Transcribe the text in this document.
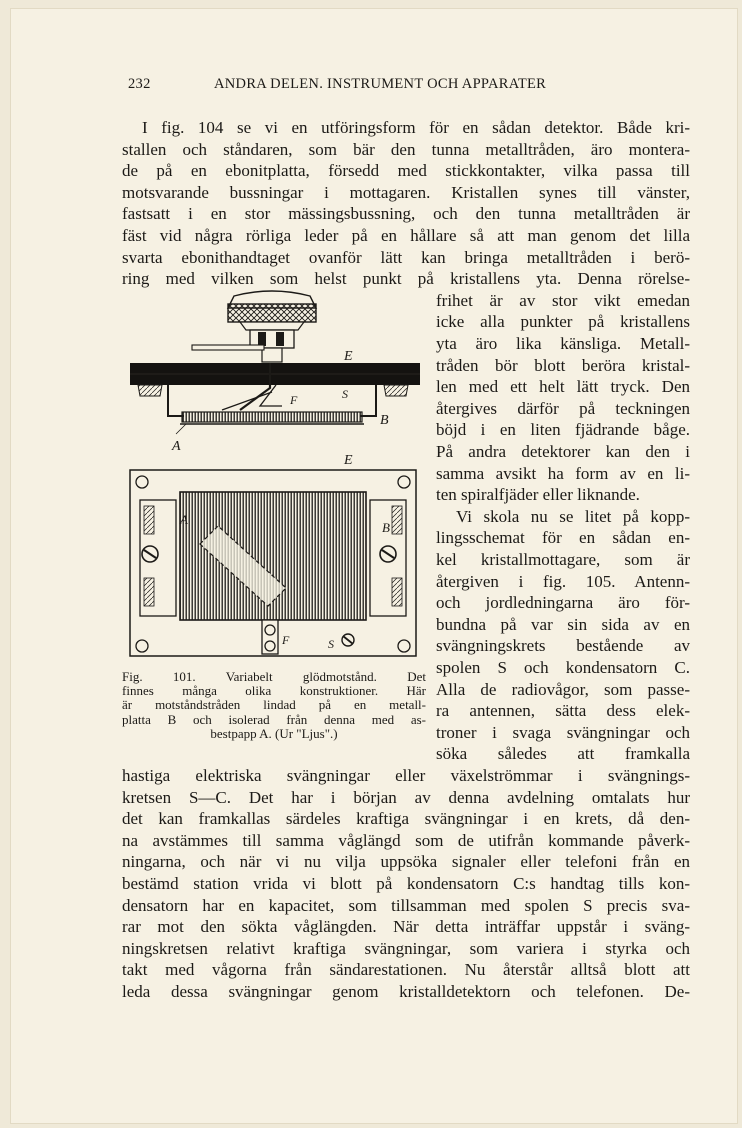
232	ANDRA DELEN. INSTRUMENT OCH APPARATER
I fig. 104 se vi en utföringsform för en sådan detektor. Både kri-
stallen och ståndaren, som bär den tunna metalltråden, äro montera-
de på en ebonitplatta, försedd med stickkontakter, vilka passa till
motsvarande bussningar i mottagaren. Kristallen synes till vänster,
fastsatt i en stor mässingsbussning, och den tunna metalltråden är
fäst vid några rörliga leder på en hållare så att man genom det lilla
svarta ebonithandtaget ovanför lätt kan bringa metalltråden i berö-
ring med vilken som helst punkt på kristallens yta. Denna rörelse-
frihet är av stor vikt emedan
icke alla punkter på kristallens
yta äro lika känsliga. Metall-
tråden bör blott beröra kristal-
len med ett helt lätt tryck. Den
återgives därför på teckningen
böjd i en liten fjädrande båge.
På andra detektorer kan den i
samma avsikt ha form av en li-
ten spiralfjäder eller liknande.
Vi skola nu se litet på kopp-
lingsschemat för en sådan en-
kel kristallmottagare, som är
återgiven i fig. 105. Antenn-
och jordledningarna äro för-
bundna på var sin sida av en
svängningskrets bestående av
spolen S och kondensatorn C.
Alla de radiovågor, som passe-
ra antennen, sätta dess elek-
troner i svaga svängningar och
söka således att framkalla
hastiga elektriska svängningar eller växelströmmar i svängnings-
kretsen S—C. Det har i början av denna avdelning omtalats hur
det kan framkallas särdeles kraftiga svängningar i en krets, då den-
na avstämmes till samma våglängd som de utifrån kommande påverk-
ningarna, och när vi nu vilja uppsöka signaler eller telefoni från en
bestämd station vrida vi blott på kondensatorn C:s handtag tills kon-
densatorn har en kapacitet, som tillsamman med spolen S precis sva-
rar mot den sökta våglängden. När detta inträffar uppstår i sväng-
ningskretsen relativt kraftiga svängningar, som variera i styrka och
takt med vågorna från sändarestationen. Nu återstår alltså blott att
leda dessa svängningar genom kristalldetektorn och telefonen. De-
E
S
F
B
A
E
A
B
F	S
Fig. 101. Variabelt glödmotstånd. Det
finnes många olika konstruktioner. Här
är motståndstråden lindad på en metall-
platta B och isolerad från denna med as-
bestpapp A. (Ur "Ljus".)
